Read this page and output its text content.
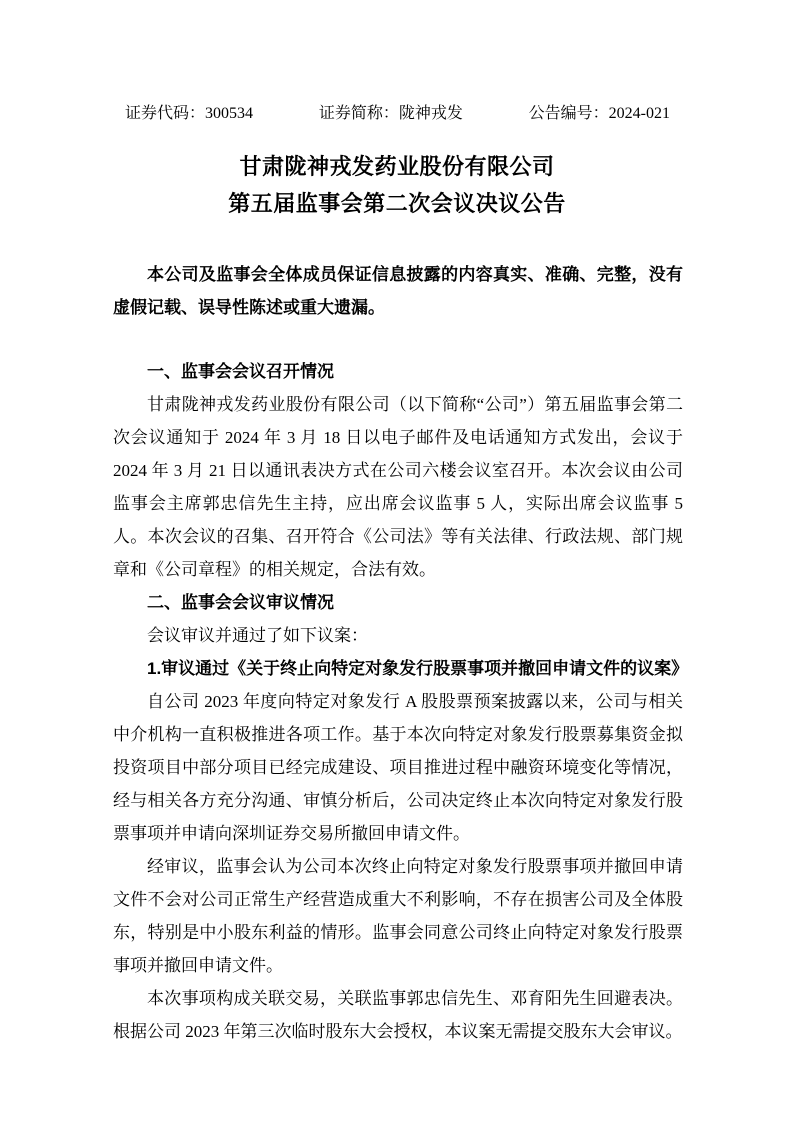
证券代码：300534	证券简称：陇神戎发	公告编号：2024-021
甘肃陇神戎发药业股份有限公司
第五届监事会第二次会议决议公告
本公司及监事会全体成员保证信息披露的内容真实、准确、完整，没有虚假记载、误导性陈述或重大遗漏。

一、监事会会议召开情况

甘肃陇神戎发药业股份有限公司（以下简称“公司”）第五届监事会第二次会议通知于 2024 年 3 月 18 日以电子邮件及电话通知方式发出，会议于 2024 年 3 月 21 日以通讯表决方式在公司六楼会议室召开。本次会议由公司监事会主席郭忠信先生主持，应出席会议监事 5 人，实际出席会议监事 5 人。本次会议的召集、召开符合《公司法》等有关法律、行政法规、部门规章和《公司章程》的相关规定，合法有效。

二、监事会会议审议情况

会议审议并通过了如下议案：

1.审议通过《关于终止向特定对象发行股票事项并撤回申请文件的议案》

自公司 2023 年度向特定对象发行 A 股股票预案披露以来，公司与相关中介机构一直积极推进各项工作。基于本次向特定对象发行股票募集资金拟投资项目中部分项目已经完成建设、项目推进过程中融资环境变化等情况，经与相关各方充分沟通、审慎分析后，公司决定终止本次向特定对象发行股票事项并申请向深圳证券交易所撤回申请文件。

经审议，监事会认为公司本次终止向特定对象发行股票事项并撤回申请文件不会对公司正常生产经营造成重大不利影响，不存在损害公司及全体股东，特别是中小股东利益的情形。监事会同意公司终止向特定对象发行股票事项并撤回申请文件。

本次事项构成关联交易，关联监事郭忠信先生、邓育阳先生回避表决。根据公司 2023 年第三次临时股东大会授权，本议案无需提交股东大会审议。
